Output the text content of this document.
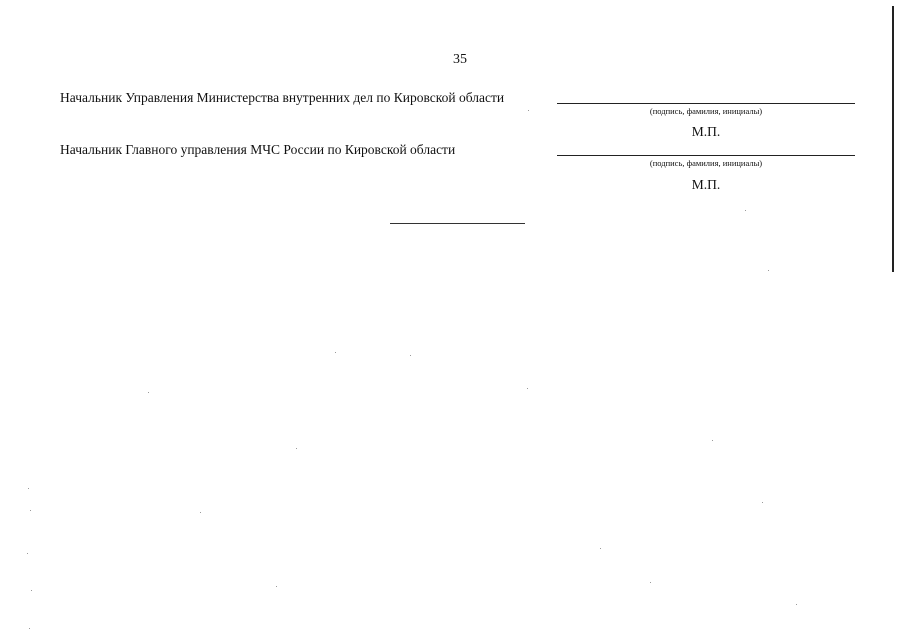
35
Начальник Управления Министерства внутренних дел по Кировской области
(подпись, фамилия, инициалы)
М.П.
Начальник Главного управления МЧС России по Кировской области
(подпись, фамилия, инициалы)
М.П.
